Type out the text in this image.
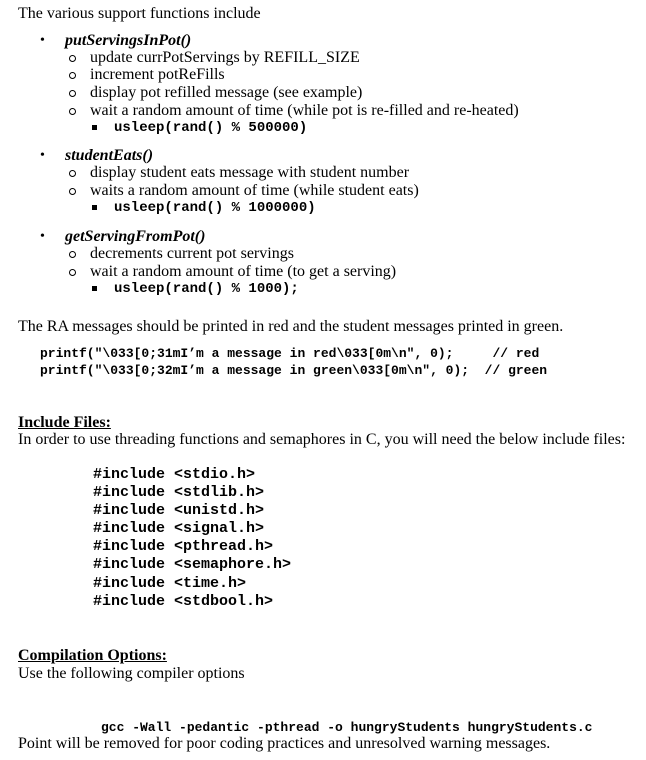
The various support functions include
• putServingsInPot()
update currPotServings by REFILL_SIZE
increment potReFills
display pot refilled message (see example)
wait a random amount of time (while pot is re-filled and re-heated)
usleep(rand() % 500000)
• studentEats()
display student eats message with student number
waits a random amount of time (while student eats)
usleep(rand() % 1000000)
• getServingFromPot()
decrements current pot servings
wait a random amount of time (to get a serving)
usleep(rand() % 1000);
The RA messages should be printed in red and the student messages printed in green.
printf("\033[0;31mI’m a message in red\033[0m\n", 0);     // red
printf("\033[0;32mI’m a message in green\033[0m\n", 0);  // green
Include Files:
In order to use threading functions and semaphores in C, you will need the below include files:
#include <stdio.h>
#include <stdlib.h>
#include <unistd.h>
#include <signal.h>
#include <pthread.h>
#include <semaphore.h>
#include <time.h>
#include <stdbool.h>
Compilation Options:
Use the following compiler options

gcc -Wall -pedantic -pthread -o hungryStudents hungryStudents.c

Point will be removed for poor coding practices and unresolved warning messages.
